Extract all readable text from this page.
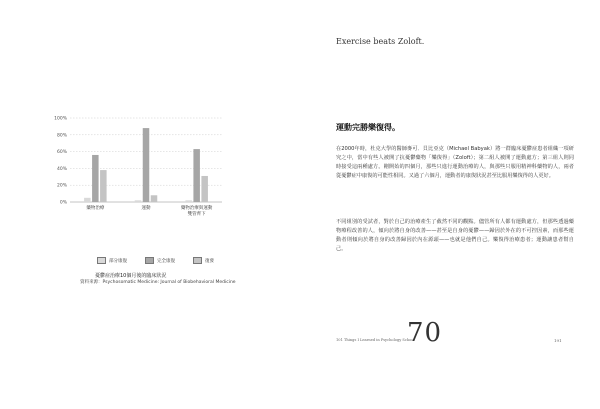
0%
20%
40%
60%
80%
100%
藥物治療	運動	藥物治療與運動
雙管齊下
部分康復	完全康復	復發
憂鬱症治療10個月後的臨床狀況
資料來源：Psychosomatic Medicine: Journal of Biobehavioral Medicine
Exercise beats Zoloft.
運動完勝樂復得。
在2000年時，杜克大學的醫師麥可．貝比亞克（Michael Babyak）將一群臨床憂鬱症患者組織一項研究之中，當中有些人被開了抗憂鬱藥物「樂復得」（Zoloft）；第二組人被開了運動處方；第三組人則同時接受這兩種處方。剛開始的四個月，那些只進行運動治療的人，與那些只服用精神科藥物的人，兩者從憂鬱症中康復的可能性相同。又過了六個月，運動者的康復狀況甚至比服用樂復得的人更好。
不同組別的受試者，對於自己的治療產生了截然不同的觀點。儘管所有人都有運動處方，但那些透過藥物療程改善的人，傾向於將自身的改善——甚至是自身的憂鬱——歸因於外在的不可控因素，而那些運動者則傾向於將自身的改善歸因於內在源頭——也就是他們自己。樂復得治療患者；運動讓患者幫自己。
101 Things I Learned in Psychology School
70	191
